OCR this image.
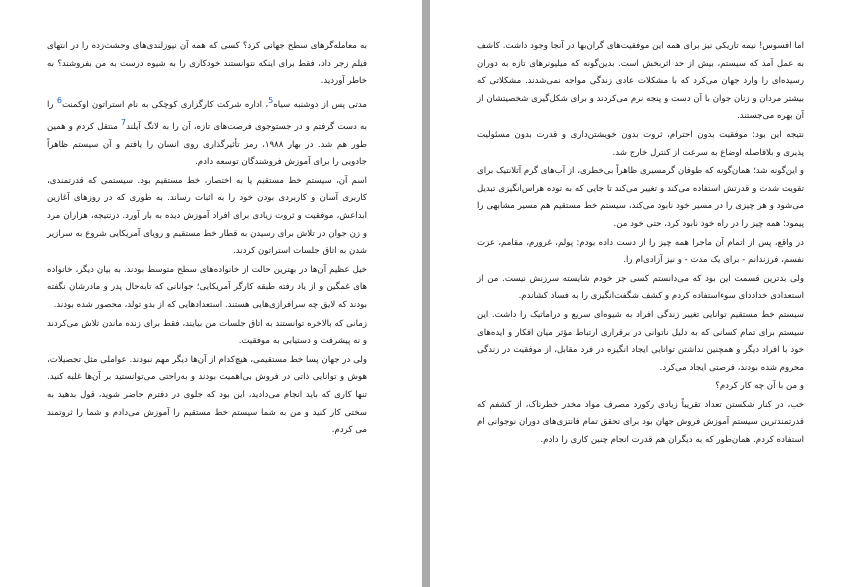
به معامله‌گرهای سطح جهانی کرد؟ کسی که همه آن نیوزلندی‌های وحشت‌زده را در انتهای فیلم زجر داد، فقط برای اینکه نتوانستند خودکاری را به شیوه درست به من بفروشند؟ به خاطر آوردید.

مدتی پس از دوشنبه سیاه$^5$، اداره شرکت کارگزاری کوچکی به نام استراتون اوکمنت$^6$ را به دست گرفتم و در جستوجوی فرصت‌های تازه، آن را به لانگ آیلند$^7$ منتقل کردم و همین طور هم شد. در بهار ۱۹۸۸، رمز تأثیرگذاری روی انسان را یافتم و آن سیستم ظاهراً جادویی را برای آموزش فروشندگان توسعه دادم.

اسم آن، سیستم خط مستقیم یا به اختصار، خط مستقیم بود. سیستمی که قدرتمندی، کاربری آسان و کاربردی بودن خود را به اثبات رساند. به طوری که در روزهای آغازین ابداعش، موفقیت و ثروت زیادی برای افراد آموزش دیده به بار آورد. درنتیجه، هزاران مرد و زن جوان در تلاش برای رسیدن به قطار خط مستقیم و رویای آمریکایی شروع به سرازیر شدن به اتاق جلسات استراتون کردند.

خیل عظیم آن‌ها در بهترین حالت از خانواده‌های سطح متوسط بودند. به بیان دیگر، خانواده های غمگین و از یاد رفته طبقه کارگر آمریکایی؛ جوانانی که تابه‌حال پدر و مادرشان نگفته بودند که لایق چه سرافرازی‌هایی هستند. استعدادهایی که از بدو تولد، محصور شده بودند.

زمانی که بالاخره توانستند به اتاق جلسات من بیایند، فقط برای زنده ماندن تلاش می‌کردند و نه پیشرفت و دستیابی به موفقیت.

ولی در جهان پسا خط مستقیمی، هیچ‌کدام از آن‌ها دیگر مهم نبودند. عواملی مثل تحصیلات، هوش و توانایی ذاتی در فروش بی‌اهمیت بودند و به‌راحتی می‌توانستید بر آن‌ها غلبه کنید. تنها کاری که باید انجام می‌دادید، این بود که جلوی در دفترم حاضر شوید، قول بدهید به سختی کار کنید و من به شما سیستم خط مستقیم را آموزش می‌دادم و شما را ثروتمند می کردم.

اما افسوس! نیمه تاریکی نیز برای همه این موفقیت‌های گران‌بها در آنجا وجود داشت. کاشف به عمل آمد که سیستم، بیش از حد اثربخش است. بدین‌گونه که میلیونرهای تازه به دوران رسیده‌ای را وارد جهان می‌کرد که با مشکلات عادی زندگی مواجه نمی‌شدند. مشکلاتی که بیشتر مردان و زنان جوان با آن دست و پنجه نرم می‌کردند و برای شکل‌گیری شخصیتشان از آن بهره می‌جستند.

نتیجه این بود: موفقیت بدون احترام، ثروت بدون خویشتن‌داری و قدرت بدون مسئولیت پذیری و بلافاصله اوضاع به سرعت از کنترل خارج شد.

و این‌گونه شد؛ همان‌گونه که طوفان گرمسیری ظاهراً بی‌خطری، از آب‌های گرم آتلانتیک برای تقویت شدت و قدرتش استفاده می‌کند و تغییر می‌کند تا جایی که به توده هراس‌انگیزی تبدیل می‌شود و هر چیزی را در مسیر خود نابود می‌کند، سیستم خط مستقیم هم مسیر مشابهی را پیمود؛ همه چیز را در راه خود نابود کرد، حتی خود من.

در واقع، پس از اتمام آن ماجرا همه چیز را از دست داده بودم: پولم، غرورم، مقامم، عزت نفسم، فرزندانم - برای یک مدت - و نیز آزادی‌ام را.

ولی بدترین قسمت این بود که می‌دانستم کسی جز خودم شایسته سرزنش نیست. من از استعدادی خداددای سوءاستفاده کردم و کشف شگفت‌انگیزی را به فساد کشاندم.

سیستم خط مستقیم توانایی تغییر زندگی افراد به شیوه‌ای سریع و دراماتیک را داشت. این سیستم برای تمام کسانی که به دلیل ناتوانی در برقراری ارتباط مؤثر میان افکار و ایده‌های خود با افراد دیگر و همچنین نداشتن توانایی ایجاد انگیزه در فرد مقابل، از موفقیت در زندگی محروم شده بودند، فرصتی ایجاد می‌کرد.

و من با آن چه کار کردم؟

خب، در کنار شکستن تعداد تقریباً زیادی رکورد مصرف مواد مخدر خطرناک، از کشفم که قدرتمندترین سیستم آموزش فروش جهان بود برای تحقق تمام فانتزی‌های دوران نوجوانی ام استفاده کردم. همان‌طور که به دیگران هم قدرت انجام چنین کاری را دادم.
